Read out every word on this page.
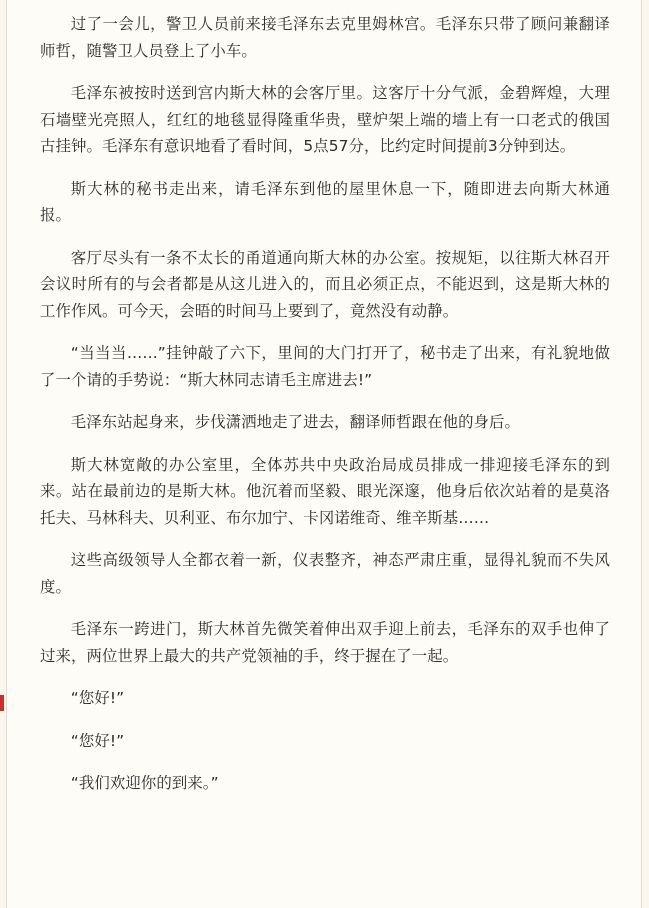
过了一会儿，警卫人员前来接毛泽东去克里姆林宫。毛泽东只带了顾问兼翻译师哲，随警卫人员登上了小车。

毛泽东被按时送到宫内斯大林的会客厅里。这客厅十分气派，金碧辉煌，大理石墙壁光亮照人，红红的地毯显得隆重华贵，壁炉架上端的墙上有一口老式的俄国古挂钟。毛泽东有意识地看了看时间，5点57分，比约定时间提前3分钟到达。

斯大林的秘书走出来，请毛泽东到他的屋里休息一下，随即进去向斯大林通报。

客厅尽头有一条不太长的甬道通向斯大林的办公室。按规矩，以往斯大林召开会议时所有的与会者都是从这儿进入的，而且必须正点，不能迟到，这是斯大林的工作作风。可今天，会晤的时间马上要到了，竟然没有动静。

“当当当……”挂钟敲了六下，里间的大门打开了，秘书走了出来，有礼貌地做了一个请的手势说：“斯大林同志请毛主席进去!”

毛泽东站起身来，步伐潇洒地走了进去，翻译师哲跟在他的身后。

斯大林宽敞的办公室里，全体苏共中央政治局成员排成一排迎接毛泽东的到来。站在最前边的是斯大林。他沉着而坚毅、眼光深邃，他身后依次站着的是莫洛托夫、马林科夫、贝利亚、布尔加宁、卡冈诺维奇、维辛斯基……

这些高级领导人全都衣着一新，仪表整齐，神态严肃庄重，显得礼貌而不失风度。

毛泽东一跨进门，斯大林首先微笑着伸出双手迎上前去，毛泽东的双手也伸了过来，两位世界上最大的共产党领袖的手，终于握在了一起。

“您好!”

“您好!”

“我们欢迎你的到来。”
